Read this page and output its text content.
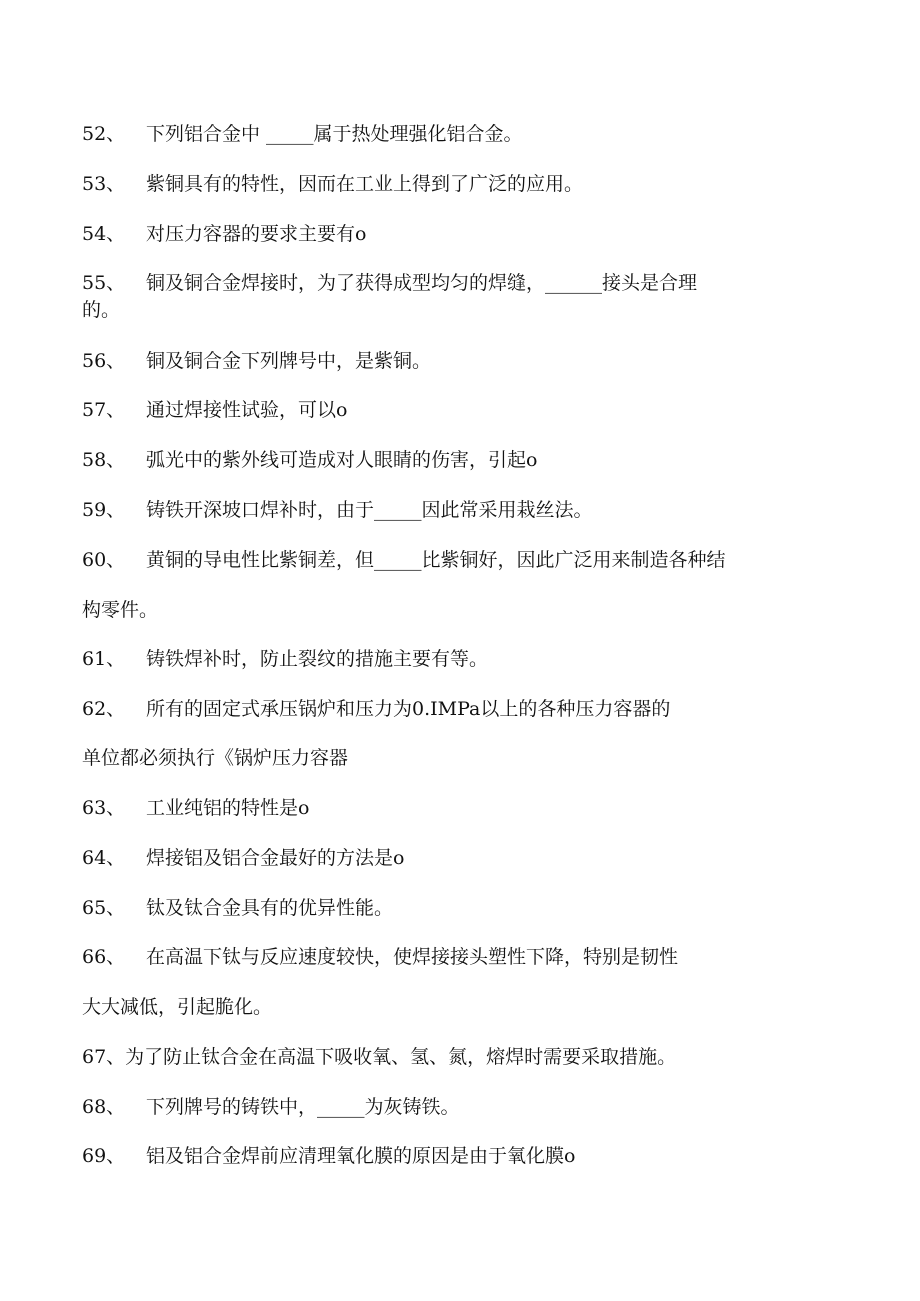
52、 下列铝合金中 _____属于热处理强化铝合金。
53、 紫铜具有的特性，因而在工业上得到了广泛的应用。
54、 对压力容器的要求主要有o
55、 铜及铜合金焊接时，为了获得成型均匀的焊缝，______接头是合理
的。
56、 铜及铜合金下列牌号中，是紫铜。
57、 通过焊接性试验，可以o
58、 弧光中的紫外线可造成对人眼睛的伤害，引起o
59、 铸铁开深坡口焊补时，由于_____因此常采用栽丝法。
60、 黄铜的导电性比紫铜差，但_____比紫铜好，因此广泛用来制造各种结
构零件。
61、 铸铁焊补时，防止裂纹的措施主要有等。
62、 所有的固定式承压锅炉和压力为0.IMPa以上的各种压力容器的
单位都必须执行《锅炉压力容器
63、 工业纯铝的特性是o
64、 焊接铝及铝合金最好的方法是o
65、 钛及钛合金具有的优异性能。
66、 在高温下钛与反应速度较快，使焊接接头塑性下降，特别是韧性
大大减低，引起脆化。
67、为了防止钛合金在高温下吸收氧、氢、氮，熔焊时需要采取措施。
68、 下列牌号的铸铁中，_____为灰铸铁。
69、 铝及铝合金焊前应清理氧化膜的原因是由于氧化膜o
